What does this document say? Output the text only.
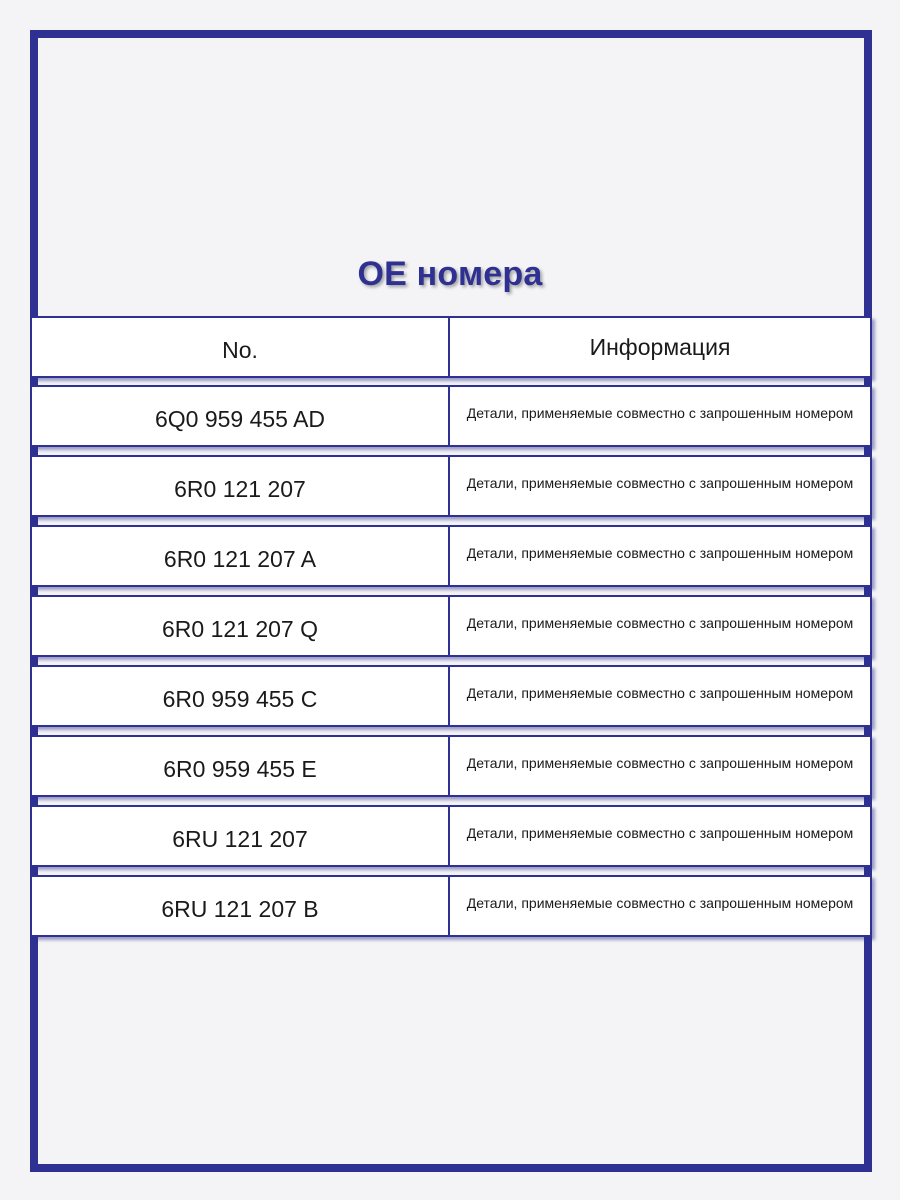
OE номера
No.	Информация
6Q0 959 455 AD	Детали, применяемые совместно с запрошенным номером
6R0 121 207	Детали, применяемые совместно с запрошенным номером
6R0 121 207 A	Детали, применяемые совместно с запрошенным номером
6R0 121 207 Q	Детали, применяемые совместно с запрошенным номером
6R0 959 455 C	Детали, применяемые совместно с запрошенным номером
6R0 959 455 E	Детали, применяемые совместно с запрошенным номером
6RU 121 207	Детали, применяемые совместно с запрошенным номером
6RU 121 207 B	Детали, применяемые совместно с запрошенным номером
